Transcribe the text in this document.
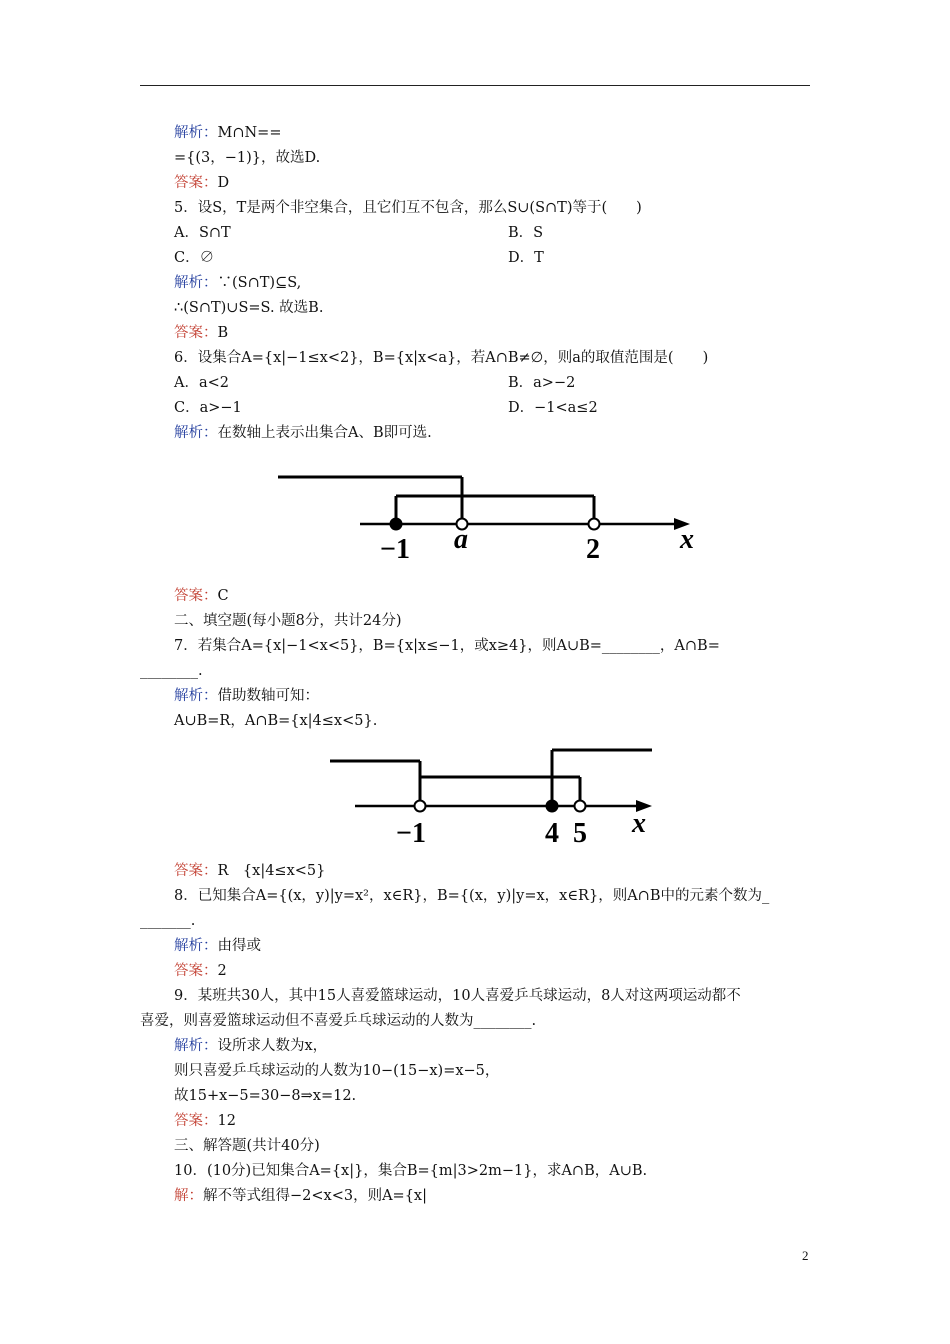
解析：M∩N==
={(3，−1)}，故选D.
答案：D
5．设S，T是两个非空集合，且它们互不包含，那么S∪(S∩T)等于(　　)
A．S∩T	B．S
C．∅	D．T
解析：∵(S∩T)⊆S,
∴(S∩T)∪S=S. 故选B.
答案：B
6．设集合A={x|−1≤x<2}，B={x|x<a}，若A∩B≠∅，则a的取值范围是(　　)
A．a<2	B．a>−2
C．a>−1	D．−1<a≤2
解析：在数轴上表示出集合A、B即可选.
−1 a	2	x
答案：C
二、填空题(每小题8分，共计24分)
7．若集合A={x|−1<x<5}，B={x|x≤−1，或x≥4}，则A∪B=________，A∩B=
________.
解析：借助数轴可知：
A∪B=R，A∩B={x|4≤x<5}.
−1	4 5 x
答案：R　{x|4≤x<5}
8．已知集合A={(x，y)|y=x²，x∈R}，B={(x，y)|y=x，x∈R}，则A∩B中的元素个数为_
_______.
解析：由得或
答案：2
9．某班共30人，其中15人喜爱篮球运动，10人喜爱乒乓球运动，8人对这两项运动都不
喜爱，则喜爱篮球运动但不喜爱乒乓球运动的人数为________.
解析：设所求人数为x，
则只喜爱乒乓球运动的人数为10−(15−x)=x−5，
故15+x−5=30−8⇒x=12.
答案：12
三、解答题(共计40分)
10．(10分)已知集合A={x|}，集合B={m|3>2m−1}，求A∩B，A∪B.
解：解不等式组得−2<x<3，则A={x|
2
